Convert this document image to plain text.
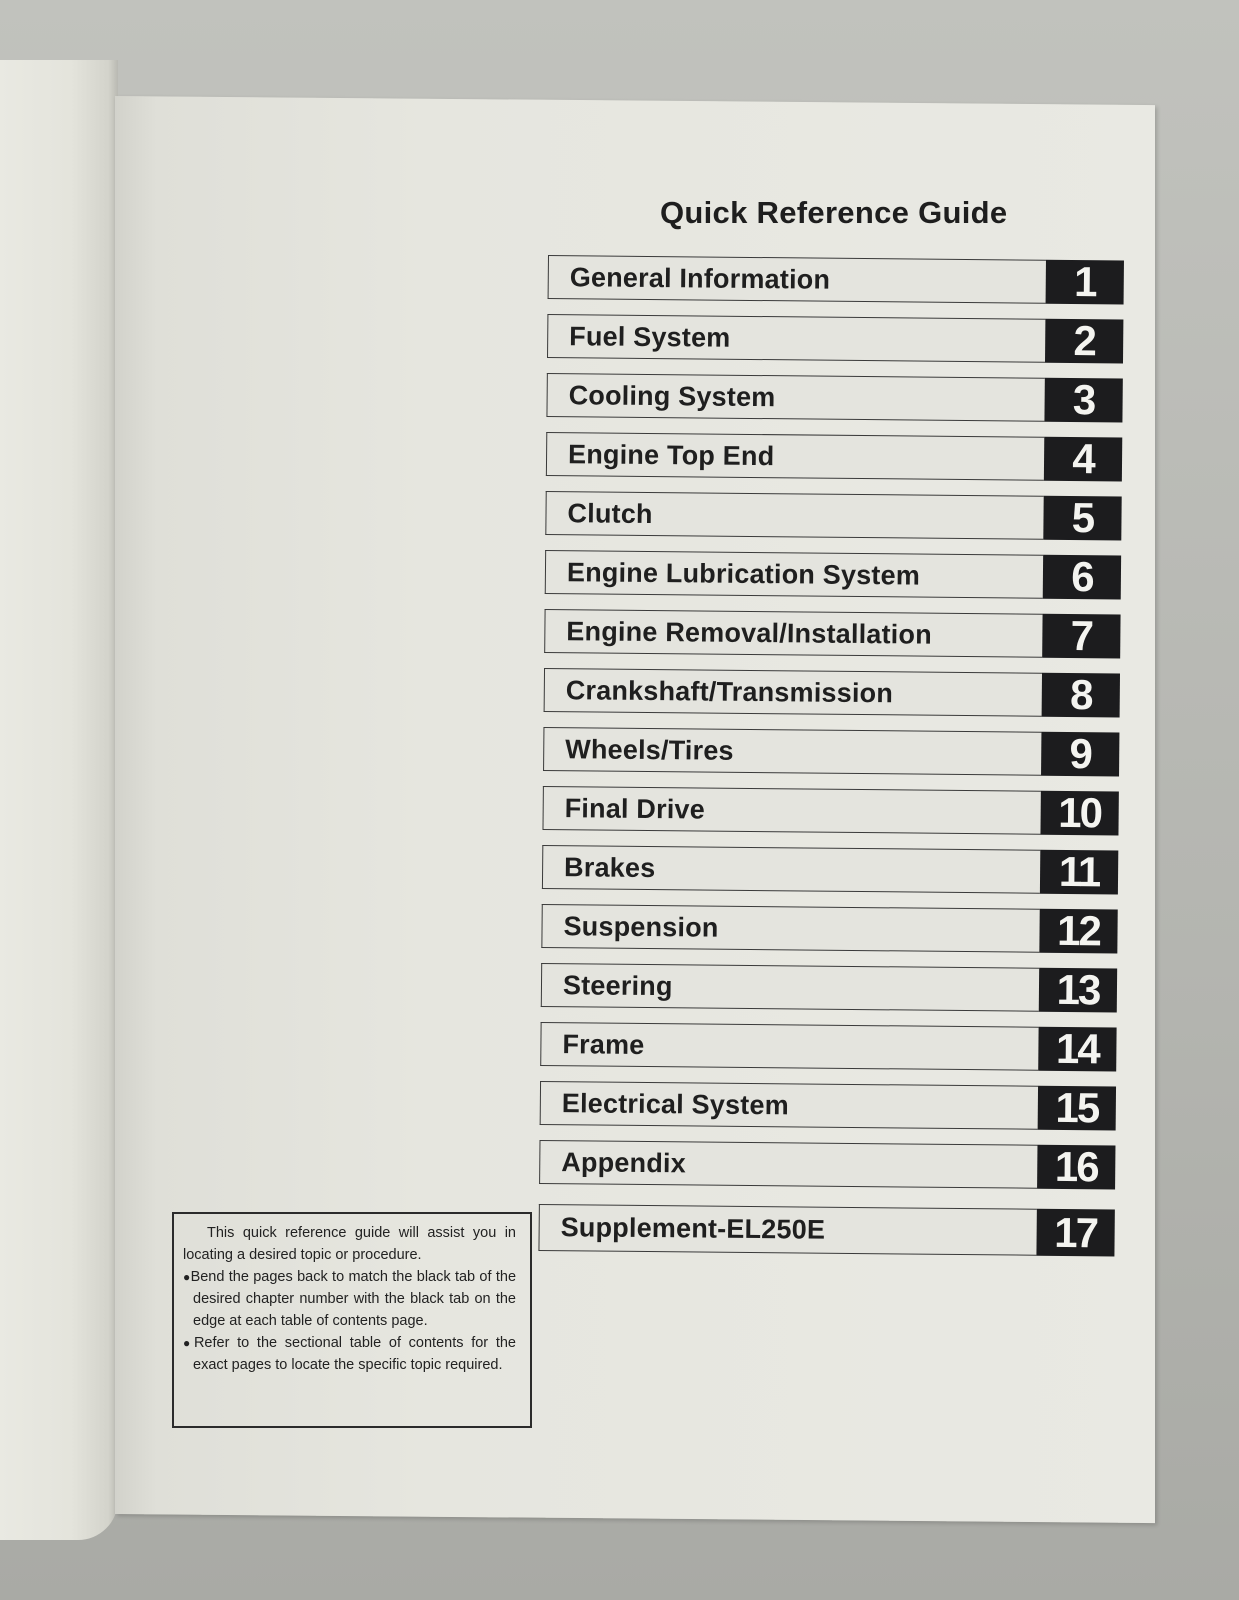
Quick Reference Guide
General Information	1
Fuel System	2
Cooling System	3
Engine Top End	4
Clutch	5
Engine Lubrication System	6
Engine Removal/Installation	7
Crankshaft/Transmission	8
Wheels/Tires	9
Final Drive	10
Brakes	11
Suspension	12
Steering	13
Frame	14
Electrical System	15
Appendix	16
Supplement-EL250E	17

This quick reference guide will assist you in locating a desired topic or procedure.

●Bend the pages back to match the black tab of the desired chapter number with the black tab on the edge at each table of contents page.

●Refer to the sectional table of contents for the exact pages to locate the specific topic required.
